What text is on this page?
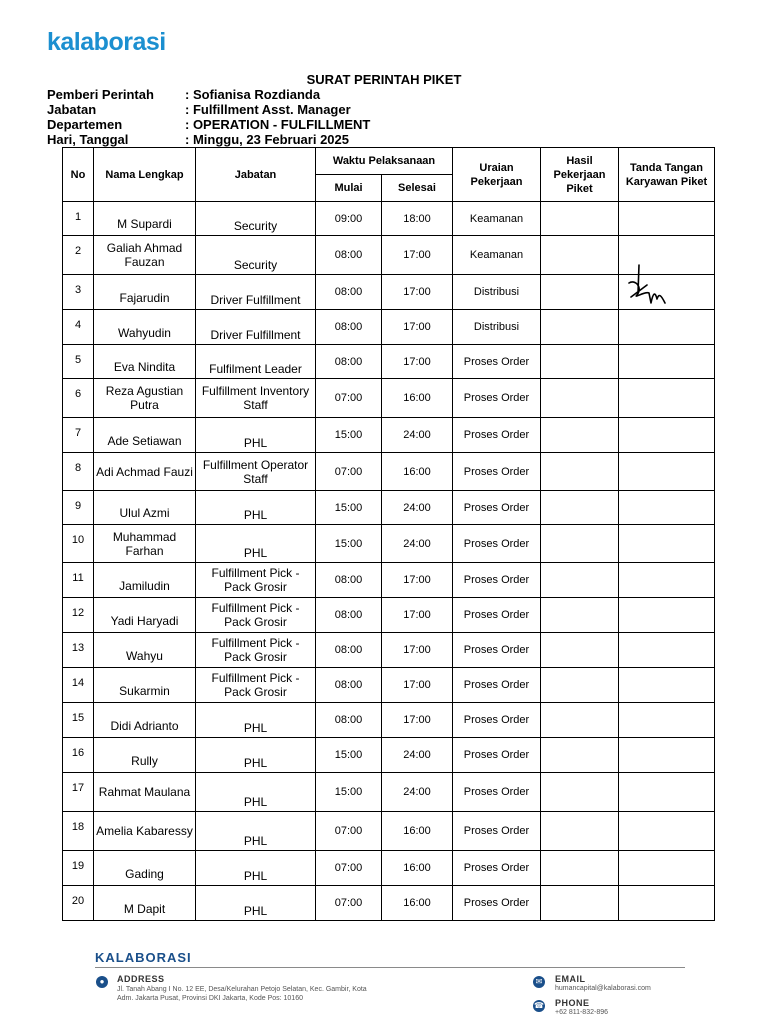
kalaborasi
SURAT PERINTAH PIKET
Pemberi Perintah	: Sofianisa Rozdianda
Jabatan	: Fulfillment Asst. Manager
Departemen	: OPERATION - FULFILLMENT
Hari, Tanggal	: Minggu, 23 Februari 2025
No	Nama Lengkap	Jabatan	Waktu Pelaksanaan		Uraian Pekerjaan	Hasil Pekerjaan Piket	Tanda Tangan Karyawan Piket
			Mulai	Selesai			
1	M Supardi	Security	09:00	18:00	Keamanan		
2	Galiah Ahmad Fauzan	Security	08:00	17:00	Keamanan		
3	Fajarudin	Driver Fulfillment	08:00	17:00	Distribusi		

4	Wahyudin	Driver Fulfillment	08:00	17:00	Distribusi		
5	Eva Nindita	Fulfilment Leader	08:00	17:00	Proses Order		
6	Reza Agustian Putra	Fulfillment Inventory Staff	07:00	16:00	Proses Order		
7	Ade Setiawan	PHL	15:00	24:00	Proses Order		
8	Adi Achmad Fauzi	Fulfillment Operator Staff	07:00	16:00	Proses Order		
9	Ulul Azmi	PHL	15:00	24:00	Proses Order		
10	Muhammad Farhan	PHL	15:00	24:00	Proses Order		
11	Jamiludin	Fulfillment Pick - Pack Grosir	08:00	17:00	Proses Order		
12	Yadi Haryadi	Fulfillment Pick - Pack Grosir	08:00	17:00	Proses Order		
13	Wahyu	Fulfillment Pick - Pack Grosir	08:00	17:00	Proses Order		
14	Sukarmin	Fulfillment Pick - Pack Grosir	08:00	17:00	Proses Order		
15	Didi Adrianto	PHL	08:00	17:00	Proses Order		
16	Rully	PHL	15:00	24:00	Proses Order		
17	Rahmat Maulana	PHL	15:00	24:00	Proses Order		
18	Amelia Kabaressy	PHL	07:00	16:00	Proses Order		
19	Gading	PHL	07:00	16:00	Proses Order		
20	M Dapit	PHL	07:00	16:00	Proses Order		
KALABORASI
●	ADDRESS
Jl. Tanah Abang I No. 12 EE, Desa/Kelurahan Petojo Selatan, Kec. Gambir, Kota Adm. Jakarta Pusat, Provinsi DKI Jakarta, Kode Pos: 10160
✉ EMAIL
humancapital@kalaborasi.com
☎ PHONE
+62 811-832-896
